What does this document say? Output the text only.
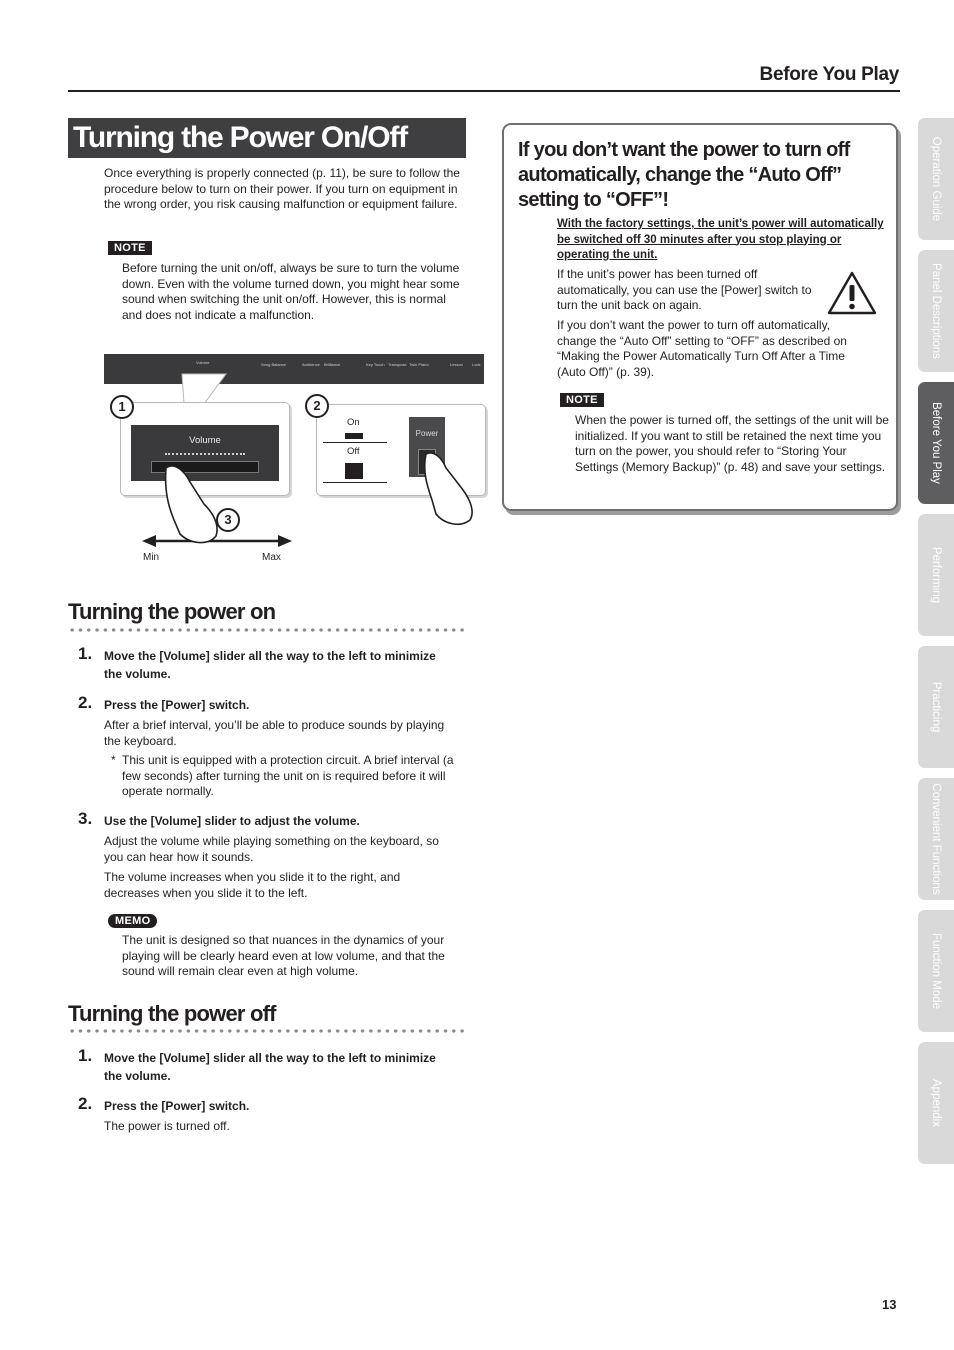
Before You Play
Turning the Power On/Off
Once everything is properly connected (p. 11), be sure to follow the procedure below to turn on their power. If you turn on equipment in the wrong order, you risk causing malfunction or equipment failure.
NOTE
Before turning the unit on/off, always be sure to turn the volume down. Even with the volume turned down, you might hear some sound when switching the unit on/off. However, this is normal and does not indicate a malfunction.
Volume	Song Balance	Ambience Brilliance	Key Touch Transpose Twin Piano	Lesson Lock
Volume
On
Off
Power
1	2
3
Min	Max
Turning the power on
1. Move the [Volume] slider all the way to the left to minimize the volume.
2. Press the [Power] switch.
After a brief interval, you’ll be able to produce sounds by playing the keyboard.
* This unit is equipped with a protection circuit. A brief interval (a few seconds) after turning the unit on is required before it will operate normally.
3. Use the [Volume] slider to adjust the volume.
Adjust the volume while playing something on the keyboard, so you can hear how it sounds.
The volume increases when you slide it to the right, and decreases when you slide it to the left.
MEMO
The unit is designed so that nuances in the dynamics of your playing will be clearly heard even at low volume, and that the sound will remain clear even at high volume.
Turning the power off
1. Move the [Volume] slider all the way to the left to minimize the volume.
2. Press the [Power] switch.
The power is turned off.
If you don’t want the power to turn off automatically, change the “Auto Off” setting to “OFF”!
With the factory settings, the unit’s power will automatically be switched off 30 minutes after you stop playing or operating the unit.
If the unit’s power has been turned off automatically, you can use the [Power] switch to turn the unit back on again.
If you don’t want the power to turn off automatically, change the “Auto Off” setting to “OFF” as described on “Making the Power Automatically Turn Off After a Time (Auto Off)” (p. 39).
NOTE
When the power is turned off, the settings of the unit will be initialized. If you want to still be retained the next time you turn on the power, you should refer to “Storing Your Settings (Memory Backup)” (p. 48) and save your settings.
Operation Guide
Panel Descriptions
Before You Play
Performing
Practicing
Convenient Functions
Function Mode
Appendix
13
